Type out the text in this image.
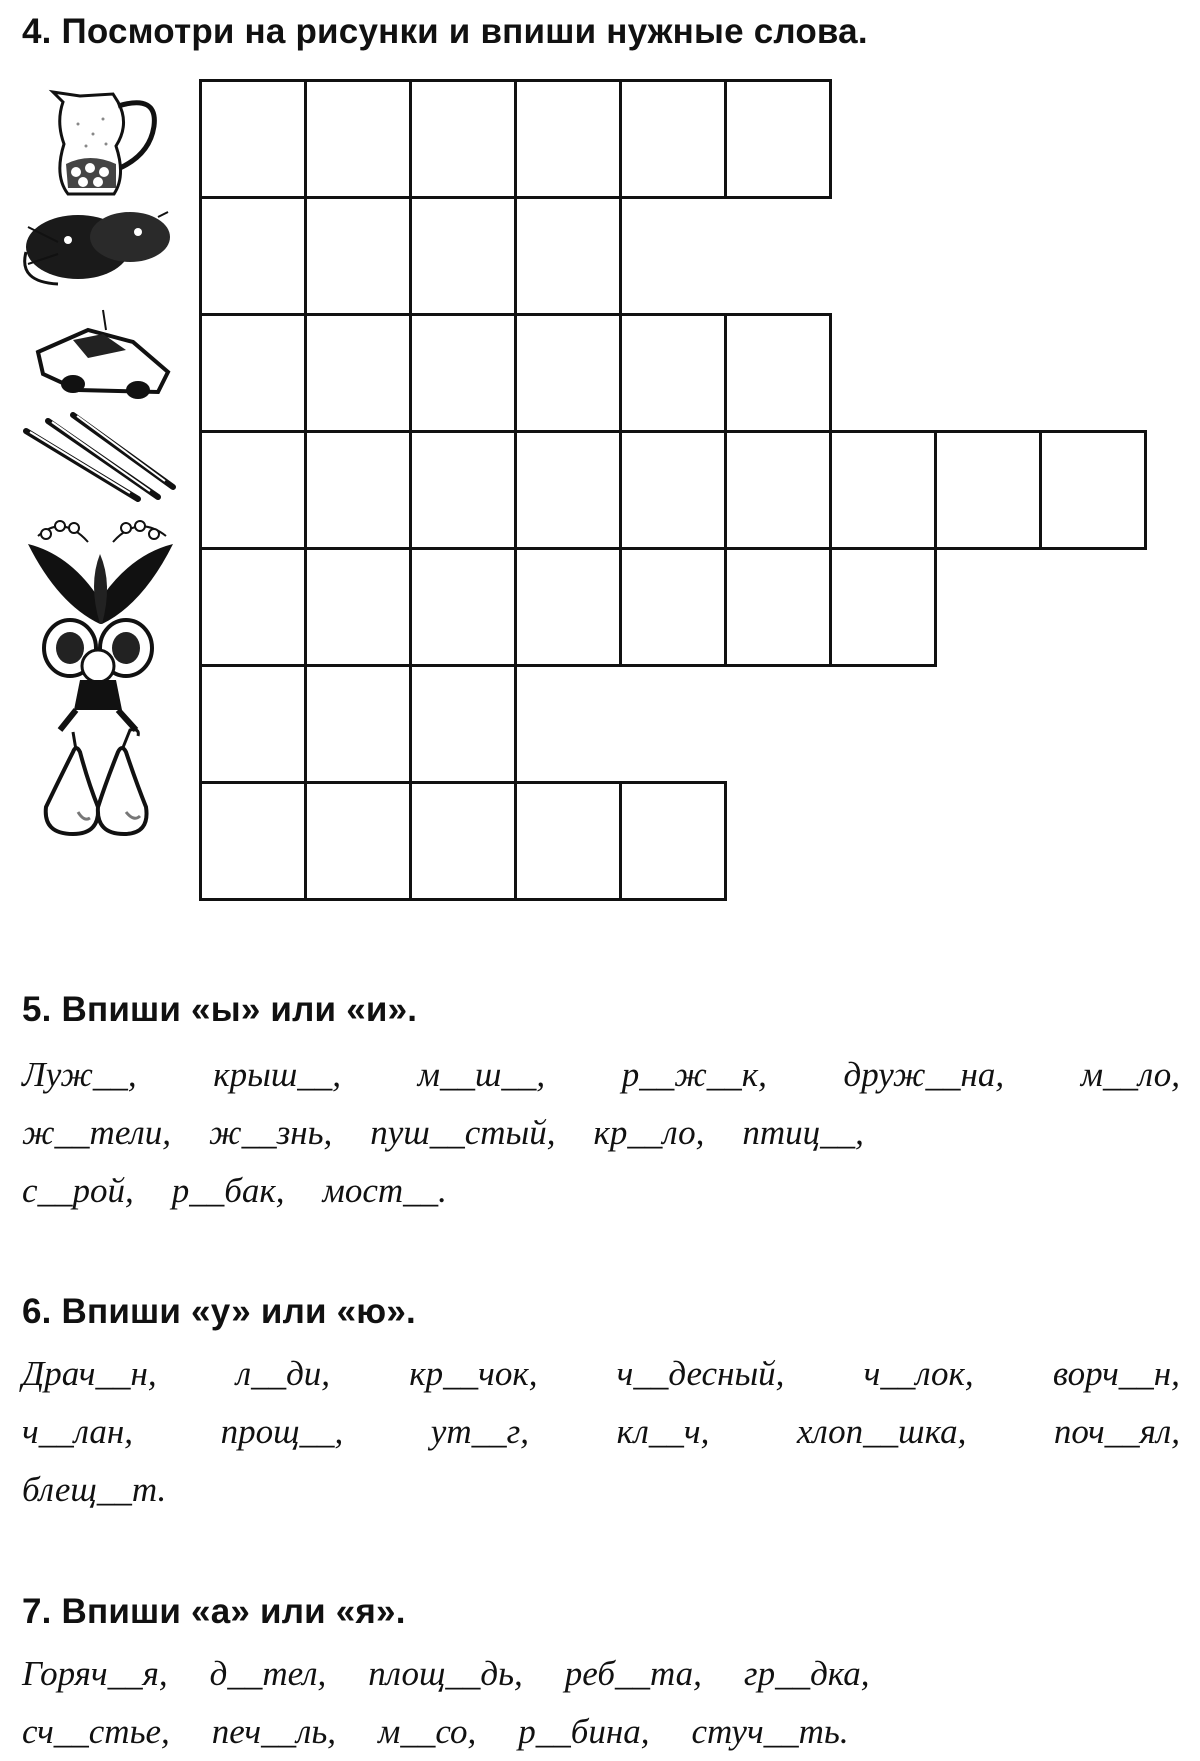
4. Посмотри на рисунки и впиши нужные слова.
5. Впиши «ы» или «и».
Луж__, крыш__, м__ш__, р__ж__к, друж__на, м__ло,
ж__тели, ж__знь, пуш__стый, кр__ло, птиц__,
с__рой, р__бак, мост__.
6. Впиши «у» или «ю».
Драч__н, л__ди, кр__чок, ч__десный, ч__лок, ворч__н,
ч__лан,	прощ__,	ут__г,	кл__ч,	хлоп__шка,	поч__ял,
блещ__т.
7. Впиши «а» или «я».
Горяч__я, д__тел, площ__дь, реб__та, гр__дка,
сч__стье, печ__ль, м__со, р__бина, стуч__ть.
